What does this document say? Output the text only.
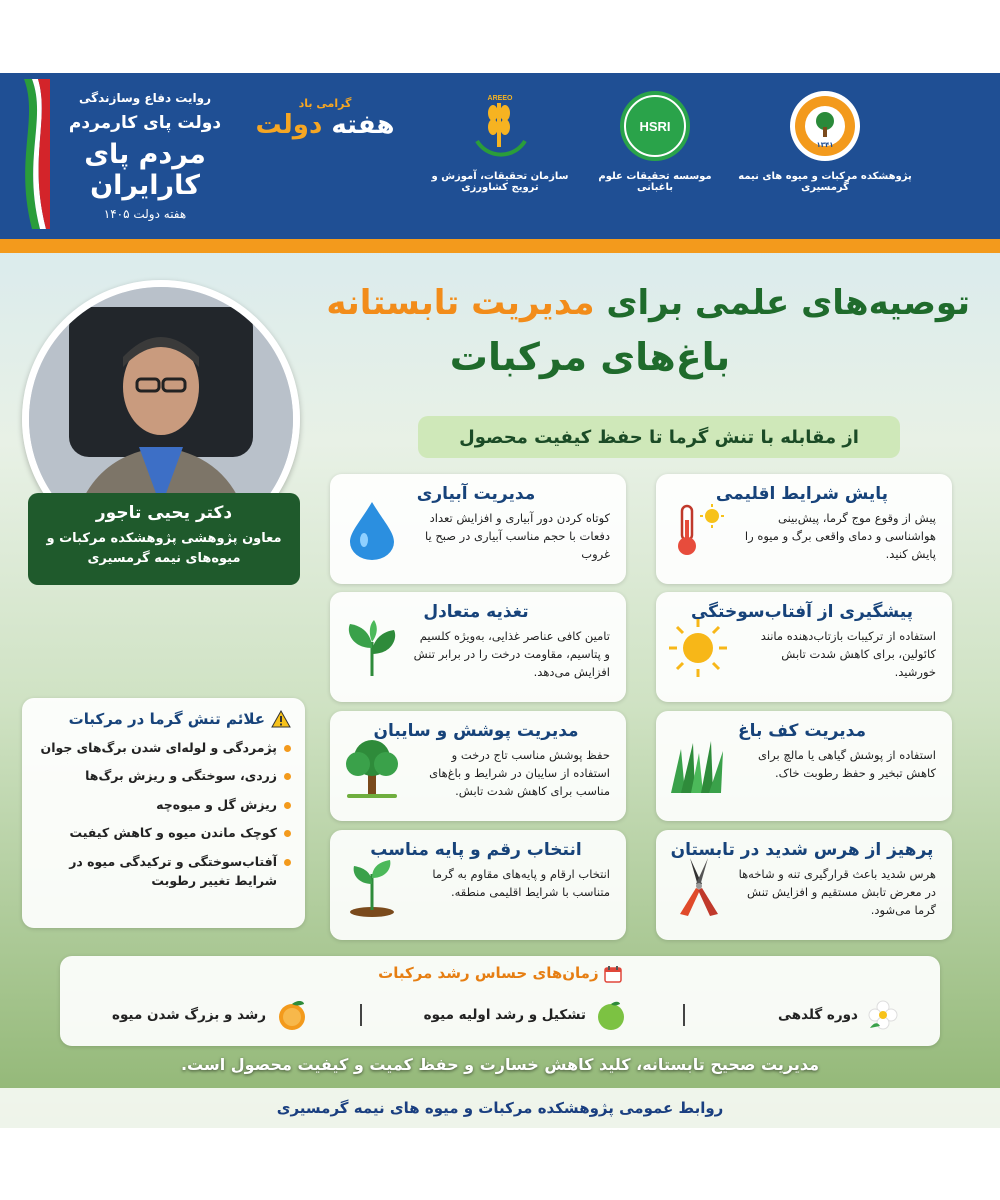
روایت دفاع وسازندگی
دولت پای کارمردم
مردم پای کارایران
هفته دولت ۱۴۰۵
گرامی باد
هفته دولت
AREEO
سازمان تحقیقات، آموزش و ترویج کشاورزی
HSRI
موسسه تحقیقات علوم باغبانی
۱۳۴۱
پژوهشکده مرکبات و میوه های نیمه گرمسیری
توصیه‌های علمی برای مدیریت تابستانه
باغ‌های مرکبات
از مقابله با تنش گرما تا حفظ کیفیت محصول
دکتر یحیی تاجور
معاون پژوهشی پژوهشکده مرکبات و
میوه‌های نیمه گرمسیری
پایش شرایط اقلیمی
پیش از وقوع موج گرما، پیش‌بینی هواشناسی و دمای واقعی برگ و میوه را پایش کنید.
مدیریت آبیاری
کوتاه کردن دور آبیاری و افزایش تعداد دفعات با حجم مناسب آبیاری در صبح یا غروب
پیشگیری از آفتاب‌سوختگی
استفاده از ترکیبات بازتاب‌دهنده مانند کائولین، برای کاهش شدت تابش خورشید.
تغذیه متعادل
تامین کافی عناصر غذایی، به‌ویژه کلسیم و پتاسیم، مقاومت درخت را در برابر تنش افزایش می‌دهد.
مدیریت کف باغ
استفاده از پوشش گیاهی یا مالچ برای کاهش تبخیر و حفظ رطوبت خاک.
مدیریت پوشش و سایبان
حفظ پوشش مناسب تاج درخت و استفاده از سایبان در شرایط و باغ‌های مناسب برای کاهش شدت تابش.
پرهیز از هرس شدید در تابستان
هرس شدید باعث قرارگیری تنه و شاخه‌ها در معرض تابش مستقیم و افزایش تنش گرما می‌شود.
انتخاب رقم و پایه مناسب
انتخاب ارقام و پایه‌های مقاوم به گرما متناسب با شرایط اقلیمی منطقه.
علائم تنش گرما در مرکبات
پژمردگی و لوله‌ای شدن برگ‌های جوان
زردی، سوختگی و ریزش برگ‌ها
ریزش گل و میوه‌چه
کوچک ماندن میوه و کاهش کیفیت
آفتاب‌سوختگی و ترکیدگی میوه در شرایط تغییر رطوبت
زمان‌های حساس رشد مرکبات
دوره گلدهی
تشکیل و رشد اولیه میوه
رشد و بزرگ شدن میوه
مدیریت صحیح تابستانه، کلید کاهش خسارت و حفظ کمیت و کیفیت محصول است.
روابط عمومی پژوهشکده مرکبات و میوه های نیمه گرمسیری
